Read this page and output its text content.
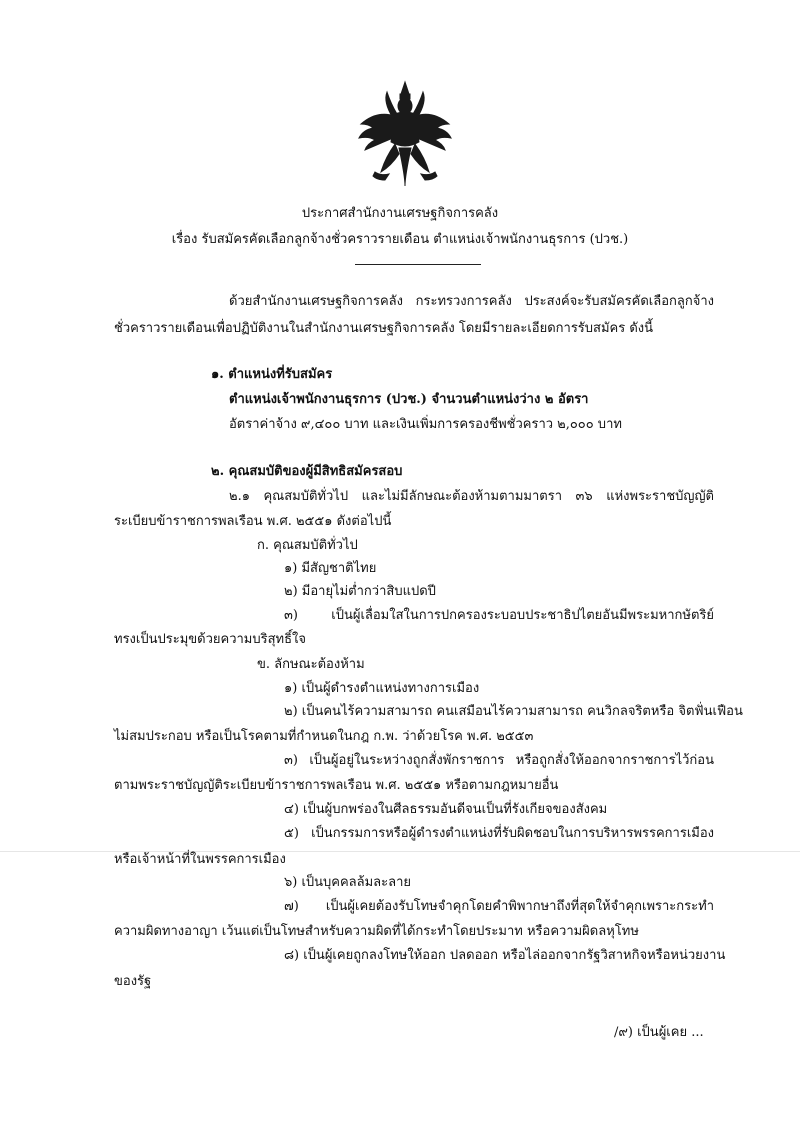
ประกาศสำนักงานเศรษฐกิจการคลัง
เรื่อง รับสมัครคัดเลือกลูกจ้างชั่วคราวรายเดือน ตำแหน่งเจ้าพนักงานธุรการ (ปวช.)
ด้วยสำนักงานเศรษฐกิจการคลัง กระทรวงการคลัง ประสงค์จะรับสมัครคัดเลือกลูกจ้าง
ชั่วคราวรายเดือนเพื่อปฏิบัติงานในสำนักงานเศรษฐกิจการคลัง โดยมีรายละเอียดการรับสมัคร ดังนี้
๑. ตำแหน่งที่รับสมัคร
ตำแหน่งเจ้าพนักงานธุรการ (ปวช.) จำนวนตำแหน่งว่าง ๒ อัตรา
อัตราค่าจ้าง ๙,๔๐๐ บาท และเงินเพิ่มการครองชีพชั่วคราว ๒,๐๐๐ บาท
๒. คุณสมบัติของผู้มีสิทธิสมัครสอบ
๒.๑ คุณสมบัติทั่วไป และไม่มีลักษณะต้องห้ามตามมาตรา ๓๖ แห่งพระราชบัญญัติ
ระเบียบข้าราชการพลเรือน พ.ศ. ๒๕๕๑ ดังต่อไปนี้
ก. คุณสมบัติทั่วไป
๑) มีสัญชาติไทย
๒) มีอายุไม่ต่ำกว่าสิบแปดปี
๓) เป็นผู้เลื่อมใสในการปกครองระบอบประชาธิปไตยอันมีพระมหากษัตริย์
ทรงเป็นประมุขด้วยความบริสุทธิ์ใจ
ข. ลักษณะต้องห้าม
๑) เป็นผู้ดำรงตำแหน่งทางการเมือง
๒) เป็นคนไร้ความสามารถ คนเสมือนไร้ความสามารถ คนวิกลจริตหรือ จิตฟั่นเฟือน
ไม่สมประกอบ หรือเป็นโรคตามที่กำหนดในกฎ ก.พ. ว่าด้วยโรค พ.ศ. ๒๕๕๓
๓) เป็นผู้อยู่ในระหว่างถูกสั่งพักราชการ หรือถูกสั่งให้ออกจากราชการไว้ก่อน
ตามพระราชบัญญัติระเบียบข้าราชการพลเรือน พ.ศ. ๒๕๕๑ หรือตามกฎหมายอื่น
๔) เป็นผู้บกพร่องในศีลธรรมอันดีจนเป็นที่รังเกียจของสังคม
๕) เป็นกรรมการหรือผู้ดำรงตำแหน่งที่รับผิดชอบในการบริหารพรรคการเมือง
หรือเจ้าหน้าที่ในพรรคการเมือง
๖) เป็นบุคคลล้มละลาย
๗) เป็นผู้เคยต้องรับโทษจำคุกโดยคำพิพากษาถึงที่สุดให้จำคุกเพราะกระทำ
ความผิดทางอาญา เว้นแต่เป็นโทษสำหรับความผิดที่ได้กระทำโดยประมาท หรือความผิดลหุโทษ
๘) เป็นผู้เคยถูกลงโทษให้ออก ปลดออก หรือไล่ออกจากรัฐวิสาหกิจหรือหน่วยงาน
ของรัฐ
/๙) เป็นผู้เคย ...
